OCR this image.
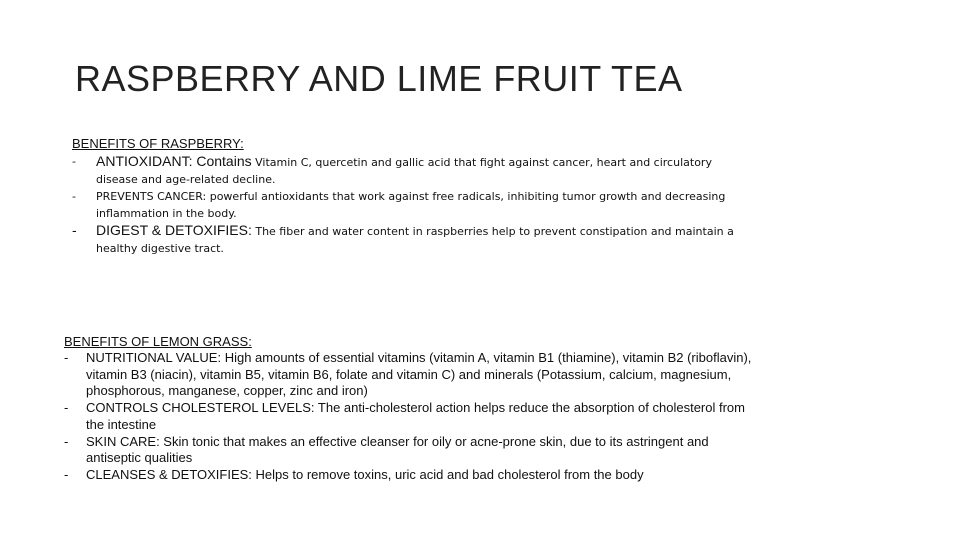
RASPBERRY AND LIME FRUIT TEA
BENEFITS OF RASPBERRY:
- ANTIOXIDANT: Contains Vitamin C, quercetin and gallic acid that fight against cancer, heart and circulatory
disease and age-related decline.
- PREVENTS CANCER: powerful antioxidants that work against free radicals, inhibiting tumor growth and decreasing
inflammation in the body.
- DIGEST & DETOXIFIES: The fiber and water content in raspberries help to prevent constipation and maintain a
healthy digestive tract.
BENEFITS OF LEMON GRASS:
- NUTRITIONAL VALUE: High amounts of essential vitamins (vitamin A, vitamin B1 (thiamine), vitamin B2 (riboflavin), vitamin B3 (niacin), vitamin B5, vitamin B6, folate and vitamin C) and minerals (Potassium, calcium, magnesium, phosphorous, manganese, copper, zinc and iron)
- CONTROLS CHOLESTEROL LEVELS: The anti-cholesterol action helps reduce the absorption of cholesterol from the intestine
- SKIN CARE: Skin tonic that makes an effective cleanser for oily or acne-prone skin, due to its astringent and antiseptic qualities
- CLEANSES & DETOXIFIES: Helps to remove toxins, uric acid and bad cholesterol from the body
